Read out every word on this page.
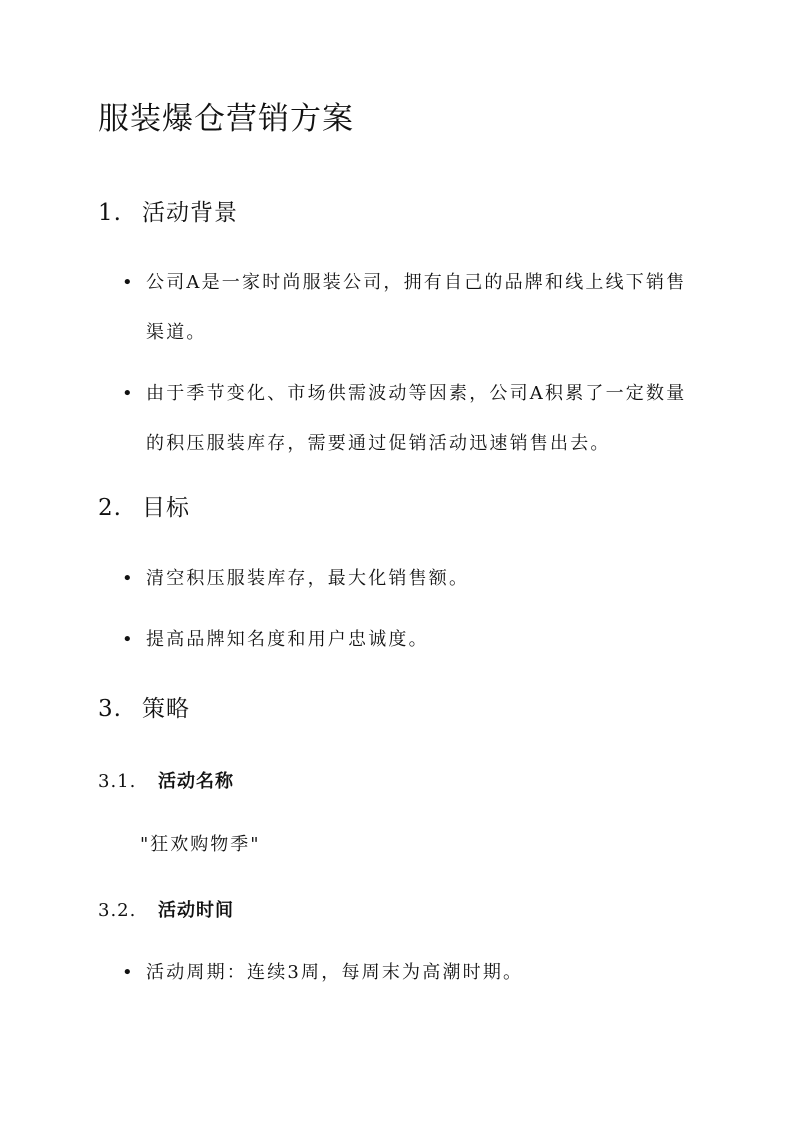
服装爆仓营销方案
1. 活动背景
• 公司A是一家时尚服装公司，拥有自己的品牌和线上线下销售渠道。
• 由于季节变化、市场供需波动等因素，公司A积累了一定数量的积压服装库存，需要通过促销活动迅速销售出去。
2. 目标
• 清空积压服装库存，最大化销售额。
• 提高品牌知名度和用户忠诚度。
3. 策略
3.1. 活动名称
"狂欢购物季"
3.2. 活动时间
• 活动周期：连续3周，每周末为高潮时期。
